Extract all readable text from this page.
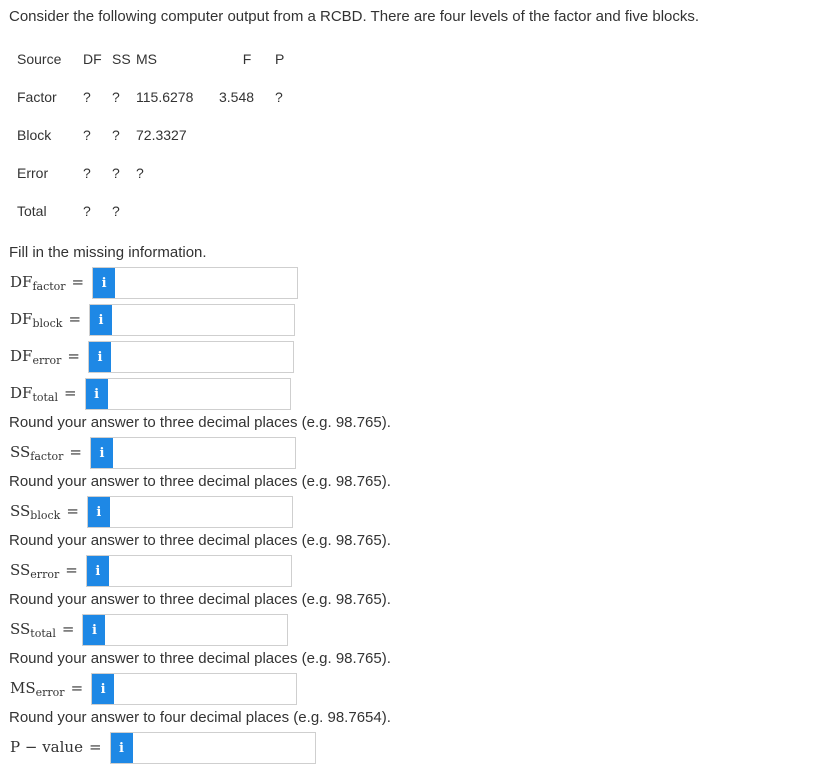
Consider the following computer output from a RCBD. There are four levels of the factor and five blocks.
Source	DF	SS	MS	F	P
Factor	?	?	115.6278	3.548	?
Block	?	?	72.3327		
Error	?	?	?		
Total	?	?			
Fill in the missing information.
$DF_{factor}$ =	i
$DF_{block}$ =	i
$DF_{error}$ =	i
$DF_{total}$ =	i
Round your answer to three decimal places (e.g. 98.765).
$SS_{factor}$ =	i
Round your answer to three decimal places (e.g. 98.765).
$SS_{block}$ =	i
Round your answer to three decimal places (e.g. 98.765).
$SS_{error}$ =	i
Round your answer to three decimal places (e.g. 98.765).
$SS_{total}$ =	i
Round your answer to three decimal places (e.g. 98.765).
$MS_{error}$ =	i
Round your answer to four decimal places (e.g. 98.7654).
P − value =	i
